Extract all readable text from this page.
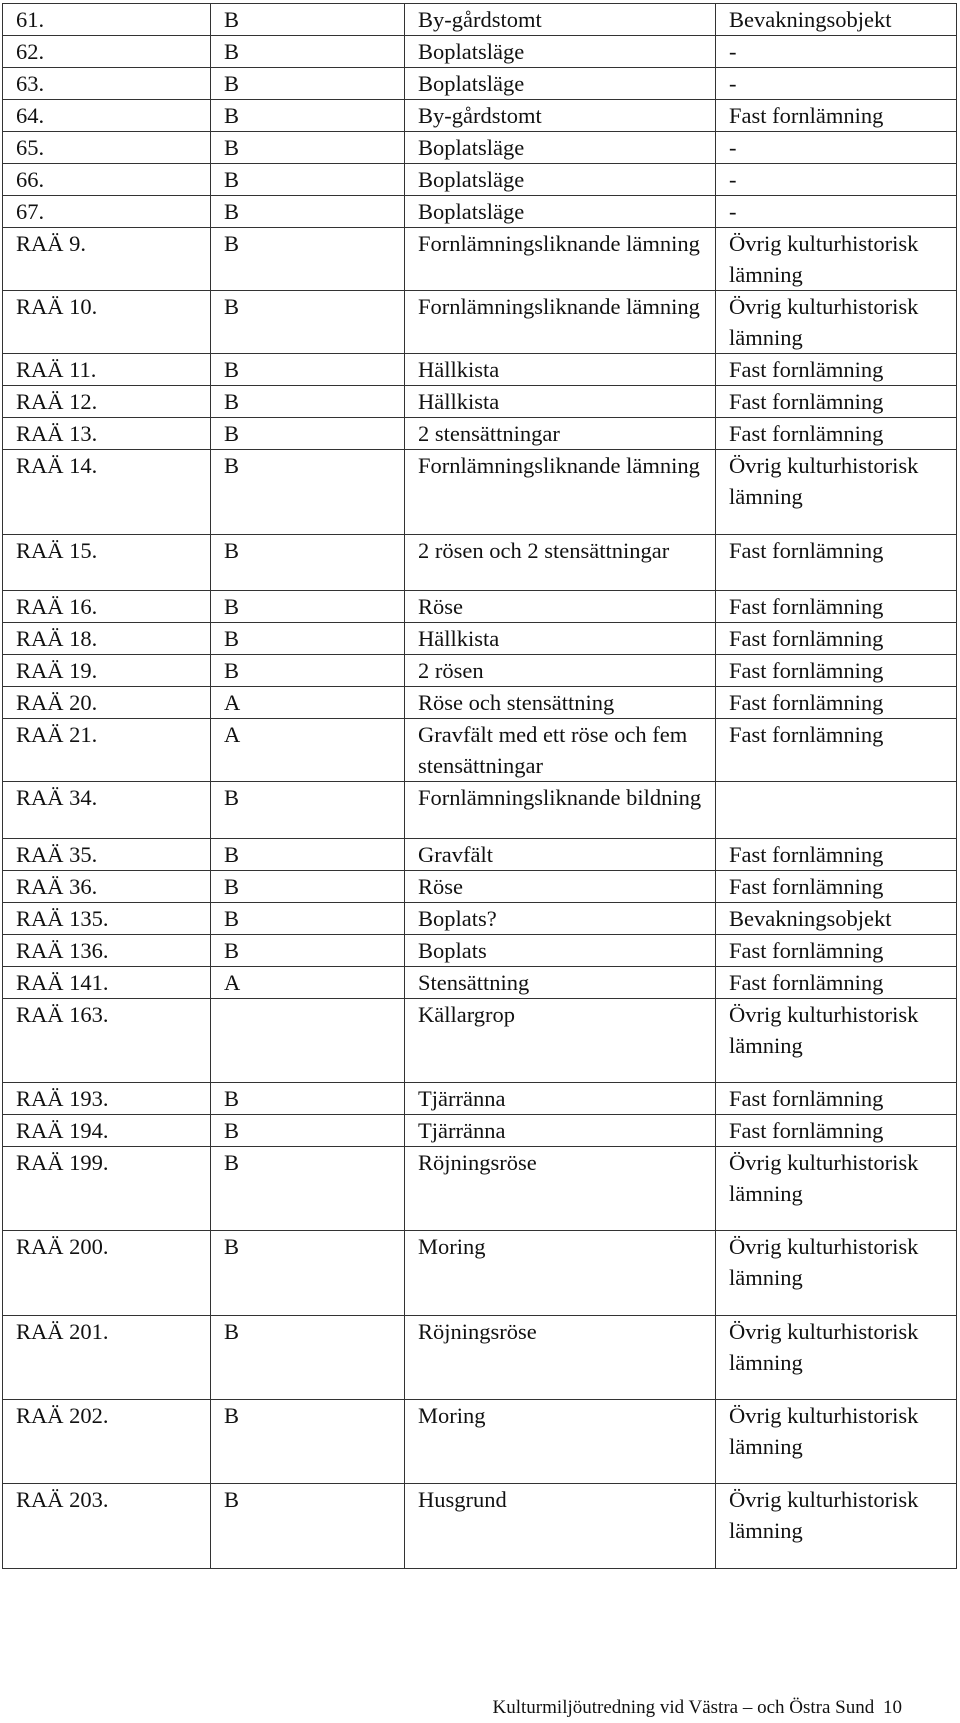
61.	B	By-gårdstomt	Bevakningsobjekt
62.	B	Boplatsläge	-
63.	B	Boplatsläge	-
64.	B	By-gårdstomt	Fast fornlämning
65.	B	Boplatsläge	-
66.	B	Boplatsläge	-
67.	B	Boplatsläge	-
RAÄ 9.	B	Fornlämningsliknande lämning	Övrig kulturhistorisk lämning
RAÄ 10.	B	Fornlämningsliknande lämning	Övrig kulturhistorisk lämning
RAÄ 11.	B	Hällkista	Fast fornlämning
RAÄ 12.	B	Hällkista	Fast fornlämning
RAÄ 13.	B	2 stensättningar	Fast fornlämning
RAÄ 14.	B	Fornlämningsliknande lämning	Övrig kulturhistorisk lämning
RAÄ 15.	B	2 rösen och 2 stensättningar	Fast fornlämning
RAÄ 16.	B	Röse	Fast fornlämning
RAÄ 18.	B	Hällkista	Fast fornlämning
RAÄ 19.	B	2 rösen	Fast fornlämning
RAÄ 20.	A	Röse och stensättning	Fast fornlämning
RAÄ 21.	A	Gravfält med ett röse och fem stensättningar	Fast fornlämning
RAÄ 34.	B	Fornlämningsliknande bildning	
RAÄ 35.	B	Gravfält	Fast fornlämning
RAÄ 36.	B	Röse	Fast fornlämning
RAÄ 135.	B	Boplats?	Bevakningsobjekt
RAÄ 136.	B	Boplats	Fast fornlämning
RAÄ 141.	A	Stensättning	Fast fornlämning
RAÄ 163.		Källargrop	Övrig kulturhistorisk lämning
RAÄ 193.	B	Tjärränna	Fast fornlämning
RAÄ 194.	B	Tjärränna	Fast fornlämning
RAÄ 199.	B	Röjningsröse	Övrig kulturhistorisk lämning
RAÄ 200.	B	Moring	Övrig kulturhistorisk lämning
RAÄ 201.	B	Röjningsröse	Övrig kulturhistorisk lämning
RAÄ 202.	B	Moring	Övrig kulturhistorisk lämning
RAÄ 203.	B	Husgrund	Övrig kulturhistorisk lämning
Kulturmiljöutredning vid Västra – och Östra Sund 10
